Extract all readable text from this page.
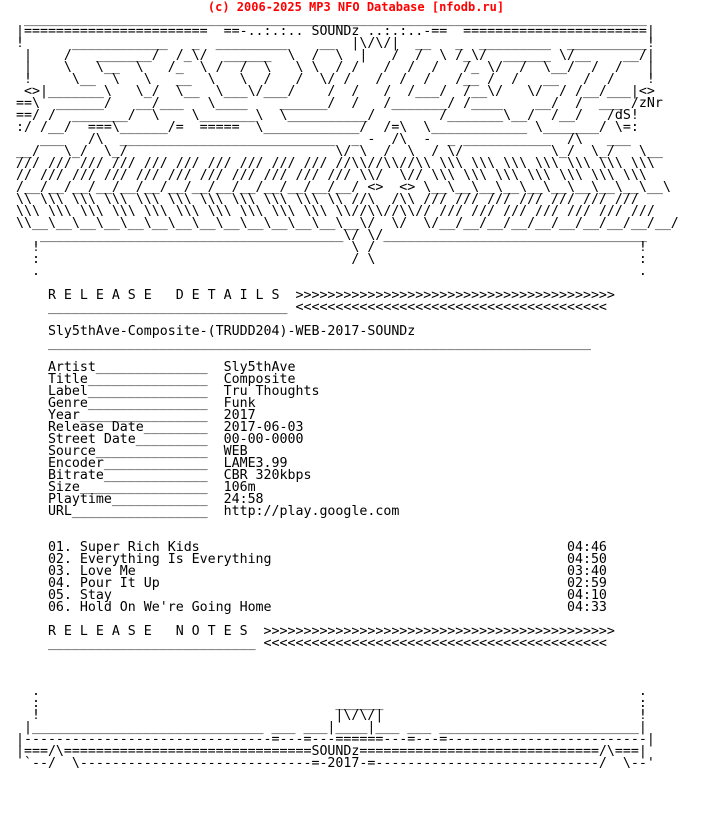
(c) 2006-2025 MP3 NFO Database [nfodb.ru]
______________________________________________________________________________
|=======================  ==-..:.:.. SOUNDz ..:.:..-==  =======================|
!      ____________   _  _________    __  |\/\/|  __   _  _________  __________!
|    /   _______/  /_\/  ______  \  /  \  |   /  /  \ /_\/  ______ \/__    __/|
|    \   \__  \   /_  \ /  /  \   \ \  / /   /  /  /   /_ \/  /  \__/  /  /   |
!     \__  \   \   __  \   \  /   /  \/ /   /  /  /   /__ /  /   __   /  /    !
<>|_______\   \_/  \__  \___\/___/    /  /   /  /___/  /__\/   \/  / /__/___|<>
==\  ______/   __/___   \____    ______/  /   /_______/ /____    __/  /  ___ /zNr
==/ /  _______/  \    \_______\  \__________/        /_______\__/  /__/   /dS!
:/ /__/  ===\______/=  =====  \____________/  /=\  \____________ \_______/ \=:
___   /\  ___________________________  _ -  /\  -  _ ___________  /\   ___
__/   \_/  \_/                          \/ \  /  \  / \/           \_/  \_/   \__
/// /// /// /// /// /// /// /// /// /// //\\//\\//\\ \\\ \\\ \\\ \\\ \\\ \\\ \\\
// /// /// /// /// /// /// /// /// /// /// \\/  \// \\\ \\\ \\\ \\\ \\\ \\\ \\\
/__/__/__/__/__/__/__/__/__/__/__/__/__/__/ <>  <> \__\__\__\__\__\__\__\__\__\__\
\\ \\\ \\\ \\\ \\\ \\\ \\\ \\\ \\\ \\\ \\ //\  /\\ /// /// /// /// /// /// ///
\\\ \\\ \\\ \\\ \\\ \\\ \\\ \\\ \\\ \\\ \\//\\//\\// /// /// /// /// /// /// ///
\\__\__\__\__\__\__\__\__\__\__\__\__\__\__\/  \/  \/__/__/__/__/__/__/__/__/__/__/
______________________________________\/ \/_________________________________
!                                       \ /                                 !
:                                       / \                                 :
.                                                                           .
R E L E A S E   D E T A I L S  >>>>>>>>>>>>>>>>>>>>>>>>>>>>>>>>>>>>>>>>
______________________________ <<<<<<<<<<<<<<<<<<<<<<<<<<<<<<<<<<<<<<<
Sly5thAve-Composite-(TRUDD204)-WEB-2017-SOUNDz
____________________________________________________________________
Artist______________  Sly5thAve
Title_______________  Composite
Label_______________  Tru Thoughts
Genre_______________  Funk
Year________________  2017
Release Date________  2017-06-03
Street Date_________  00-00-0000
Source______________  WEB
Encoder_____________  LAME3.99
Bitrate_____________  CBR 320kbps
Size________________  106m
Playtime____________  24:58
URL_________________  http://play.google.com
01. Super Rich Kids                                              04:46
02. Everything Is Everything                                     04:50
03. Love Me                                                      03:40
04. Pour It Up                                                   02:59
05. Stay                                                         04:10
06. Hold On We're Going Home                                     04:33
R E L E A S E   N O T E S  >>>>>>>>>>>>>>>>>>>>>>>>>>>>>>>>>>>>>>>>>>>>
__________________________ <<<<<<<<<<<<<<<<<<<<<<<<<<<<<<<<<<<<<<<<<<<
.                                                                           .
:                                     ______                                :
!                                     |\/\/|                                !
|_____________________________ ___ ___|____|___ ___ _________________________|
|-------------------------------=---=---======---=---=-------------------------|
|===/\===============================SOUNDz==============================/\===|
`--/  \-----------------------------=-2017-=----------------------------/  \--'
